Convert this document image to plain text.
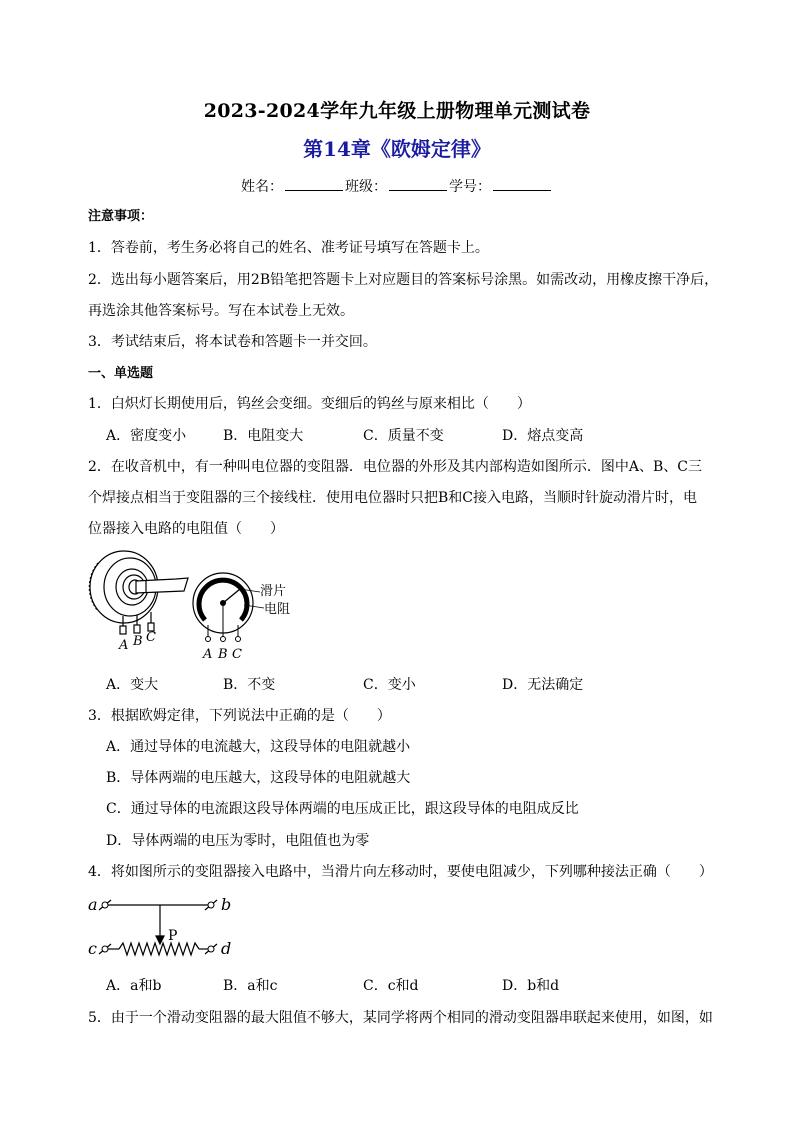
2023-2024学年九年级上册物理单元测试卷
第14章《欧姆定律》
姓名：	班级：	学号：
注意事项：
1．答卷前，考生务必将自己的姓名、准考证号填写在答题卡上。
2．选出每小题答案后，用2B铅笔把答题卡上对应题目的答案标号涂黑。如需改动，用橡皮擦干净后，
再选涂其他答案标号。写在本试卷上无效。
3．考试结束后，将本试卷和答题卡一并交回。
一、单选题
1．白炽灯长期使用后，钨丝会变细。变细后的钨丝与原来相比（　　）
A．密度变小	B．电阻变大	C．质量不变	D．熔点变高
2．在收音机中，有一种叫电位器的变阻器．电位器的外形及其内部构造如图所示．图中A、B、C三
个焊接点相当于变阻器的三个接线柱．使用电位器时只把B和C接入电路，当顺时针旋动滑片时，电
位器接入电路的电阻值（　　）
A B C
滑片
电阻
A B C
A．变大	B．不变	C．变小	D．无法确定
3．根据欧姆定律，下列说法中正确的是（　　）
A．通过导体的电流越大，这段导体的电阻就越小
B．导体两端的电压越大，这段导体的电阻就越大
C．通过导体的电流跟这段导体两端的电压成正比，跟这段导体的电阻成反比
D．导体两端的电压为零时，电阻值也为零
4．将如图所示的变阻器接入电路中，当滑片向左移动时，要使电阻减少，下列哪种接法正确（　　）
a	b
c	d
P
A．a和b	B．a和c	C．c和d	D．b和d
5．由于一个滑动变阻器的最大阻值不够大，某同学将两个相同的滑动变阻器串联起来使用，如图，如
